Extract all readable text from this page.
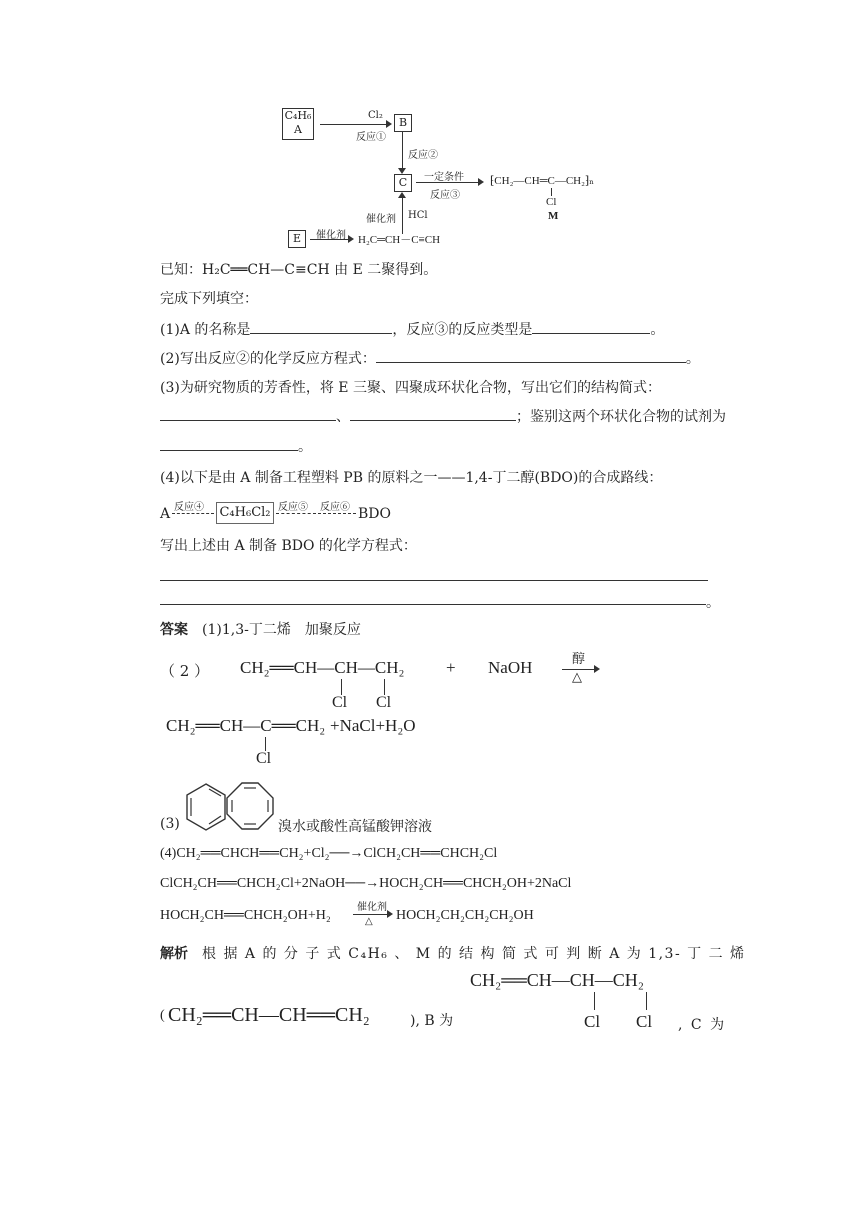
C₄H₆
A
Cl₂
反应①
B
反应②
C	一定条件
反应③
⁅CH₂—CH═C—CH₂⁆ₙ
Cl
M
催化剂 HCl
E	催化剂 H₂C═CH－C≡CH
已知：H₂C══CH—C≡CH 由 E 二聚得到。
完成下列填空：
(1)A 的名称是	，反应③的反应类型是	。
(2)写出反应②的化学反应方程式：	。
(3)为研究物质的芳香性，将 E 三聚、四聚成环状化合物，写出它们的结构简式：
、	；鉴别这两个环状化合物的试剂为
。
(4)以下是由 A 制备工程塑料 PB 的原料之一——1,4-丁二醇(BDO)的合成路线：
A 反应④ C₄H₆Cl₂ 反应⑤ 反应⑥ BDO
写出上述由 A 制备 BDO 的化学方程式：
。
答案　 (1)1,3-丁二烯　加聚反应
（ 2 ） CH₂══CH—CH—CH₂
Cl Cl
+ NaOH	醇
△
CH₂══CH—C══CH₂
Cl
+NaCl+H₂O
(3)	溴水或酸性高锰酸钾溶液
(4)CH₂══CHCH══CH₂+Cl₂──→ClCH₂CH══CHCH₂Cl
ClCH₂CH══CHCH₂Cl+2NaOH──→HOCH₂CH══CHCH₂OH+2NaCl
HOCH₂CH══CHCH₂OH+H₂
催化剂
△ HOCH₂CH₂CH₂CH₂OH
解析　 根 据 A 的 分 子 式 C₄H₆ 、 M 的 结 构 简 式 可 判 断 A 为 1,3- 丁 二 烯
( CH₂══CH—CH══CH₂	), B 为
CH₂══CH—CH—CH₂
Cl Cl , C 为
